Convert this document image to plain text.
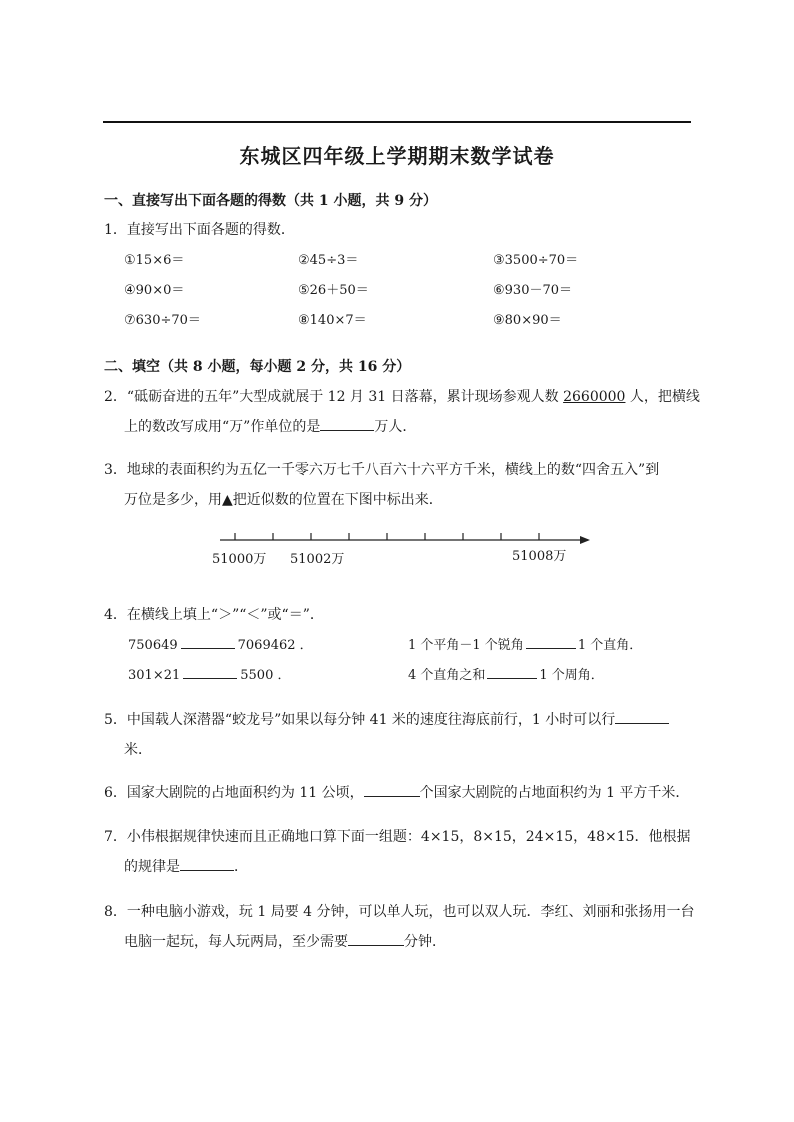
东城区四年级上学期期末数学试卷
一、直接写出下面各题的得数（共 1 小题，共 9 分）
1．直接写出下面各题的得数．
①15×6＝	②45÷3＝	③3500÷70＝
④90×0＝	⑤26＋50＝	⑥930－70＝
⑦630÷70＝	⑧140×7＝	⑨80×90＝
二、填空（共 8 小题，每小题 2 分，共 16 分）
2．“砥砺奋进的五年”大型成就展于 12 月 31 日落幕，累计现场参观人数 2660000 人，把横线
上的数改写成用“万”作单位的是	万人．
3．地球的表面积约为五亿一千零六万七千八百六十六平方千米，横线上的数“四舍五入”到
万位是多少，用▲把近似数的位置在下图中标出来．
51000万 51002万	51008万
4．在横线上填上“＞”“＜”或“＝”．
750649	7069462 ．	1 个平角－1 个锐角	1 个直角．
301×21	5500 ．	4 个直角之和	1 个周角．
5．中国载人深潜器“蛟龙号”如果以每分钟 41 米的速度往海底前行，1 小时可以行
米．
6．国家大剧院的占地面积约为 11 公顷，	个国家大剧院的占地面积约为 1 平方千米．
7．小伟根据规律快速而且正确地口算下面一组题：4×15，8×15，24×15，48×15．他根据
的规律是	．
8．一种电脑小游戏，玩 1 局要 4 分钟，可以单人玩，也可以双人玩．李红、刘丽和张扬用一台
电脑一起玩，每人玩两局，至少需要	分钟．
